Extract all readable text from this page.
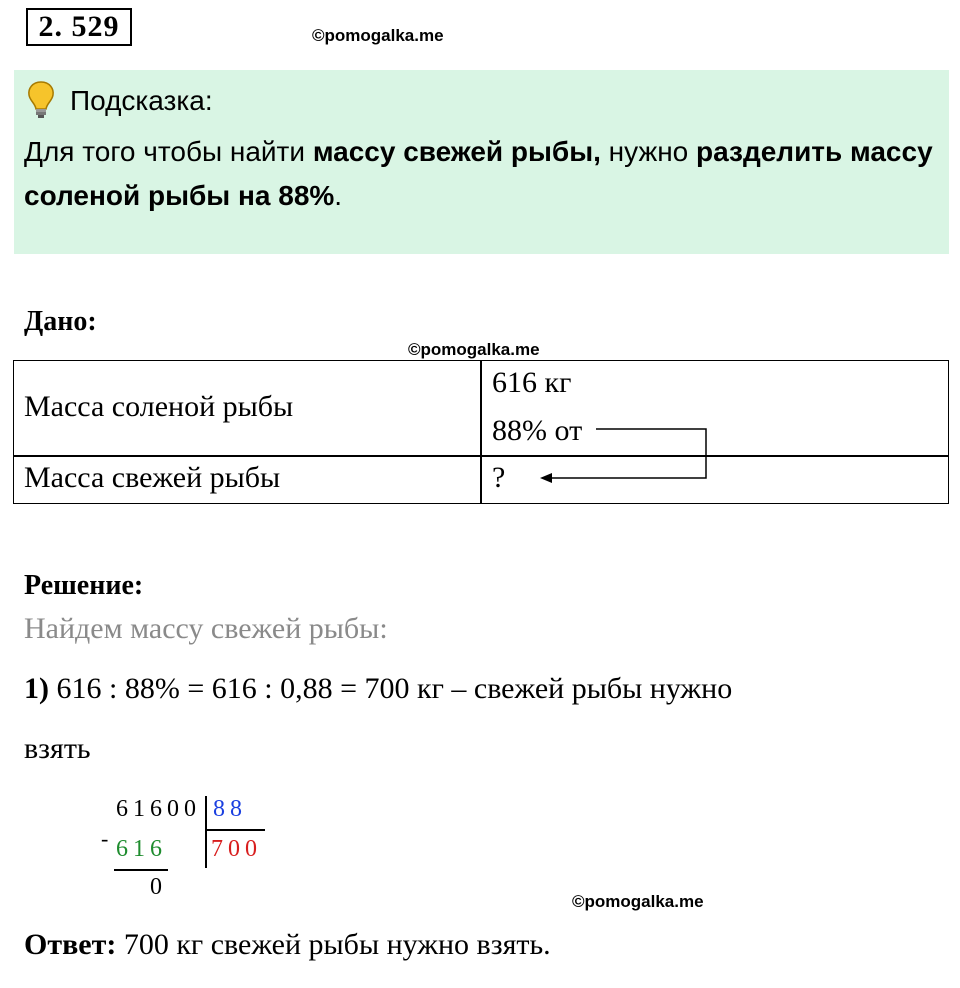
2. 529	©pomogalka.me
Подсказка:
Для того чтобы найти массу свежей рыбы, нужно разделить массу соленой рыбы на 88%.
Дано:
©pomogalka.me
Масса соленой рыбы
616 кг
88% от
Масса свежей рыбы	?
Решение:
Найдем массу свежей рыбы:
1) 616 : 88% = 616 : 0,88 = 700 кг – свежей рыбы нужно
взять
61600 88
- 616 700
0
©pomogalka.me
Ответ: 700 кг свежей рыбы нужно взять.
